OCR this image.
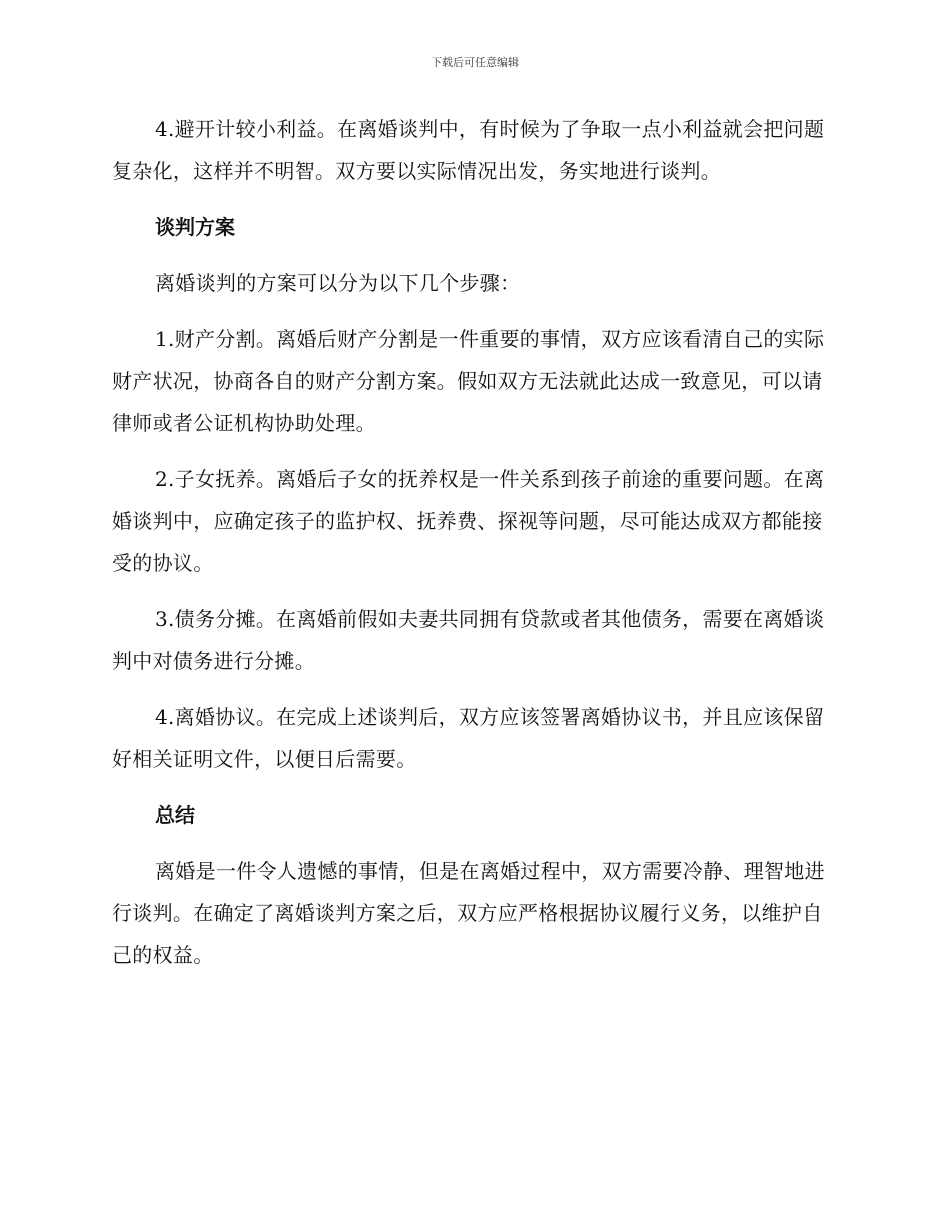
下载后可任意编辑

4.避开计较小利益。在离婚谈判中，有时候为了争取一点小利益就会把问题复杂化，这样并不明智。双方要以实际情况出发，务实地进行谈判。

谈判方案

离婚谈判的方案可以分为以下几个步骤：

1.财产分割。离婚后财产分割是一件重要的事情，双方应该看清自己的实际财产状况，协商各自的财产分割方案。假如双方无法就此达成一致意见，可以请律师或者公证机构协助处理。

2.子女抚养。离婚后子女的抚养权是一件关系到孩子前途的重要问题。在离婚谈判中，应确定孩子的监护权、抚养费、探视等问题，尽可能达成双方都能接受的协议。

3.债务分摊。在离婚前假如夫妻共同拥有贷款或者其他债务，需要在离婚谈判中对债务进行分摊。

4.离婚协议。在完成上述谈判后，双方应该签署离婚协议书，并且应该保留好相关证明文件，以便日后需要。

总结

离婚是一件令人遗憾的事情，但是在离婚过程中，双方需要冷静、理智地进行谈判。在确定了离婚谈判方案之后，双方应严格根据协议履行义务，以维护自己的权益。
